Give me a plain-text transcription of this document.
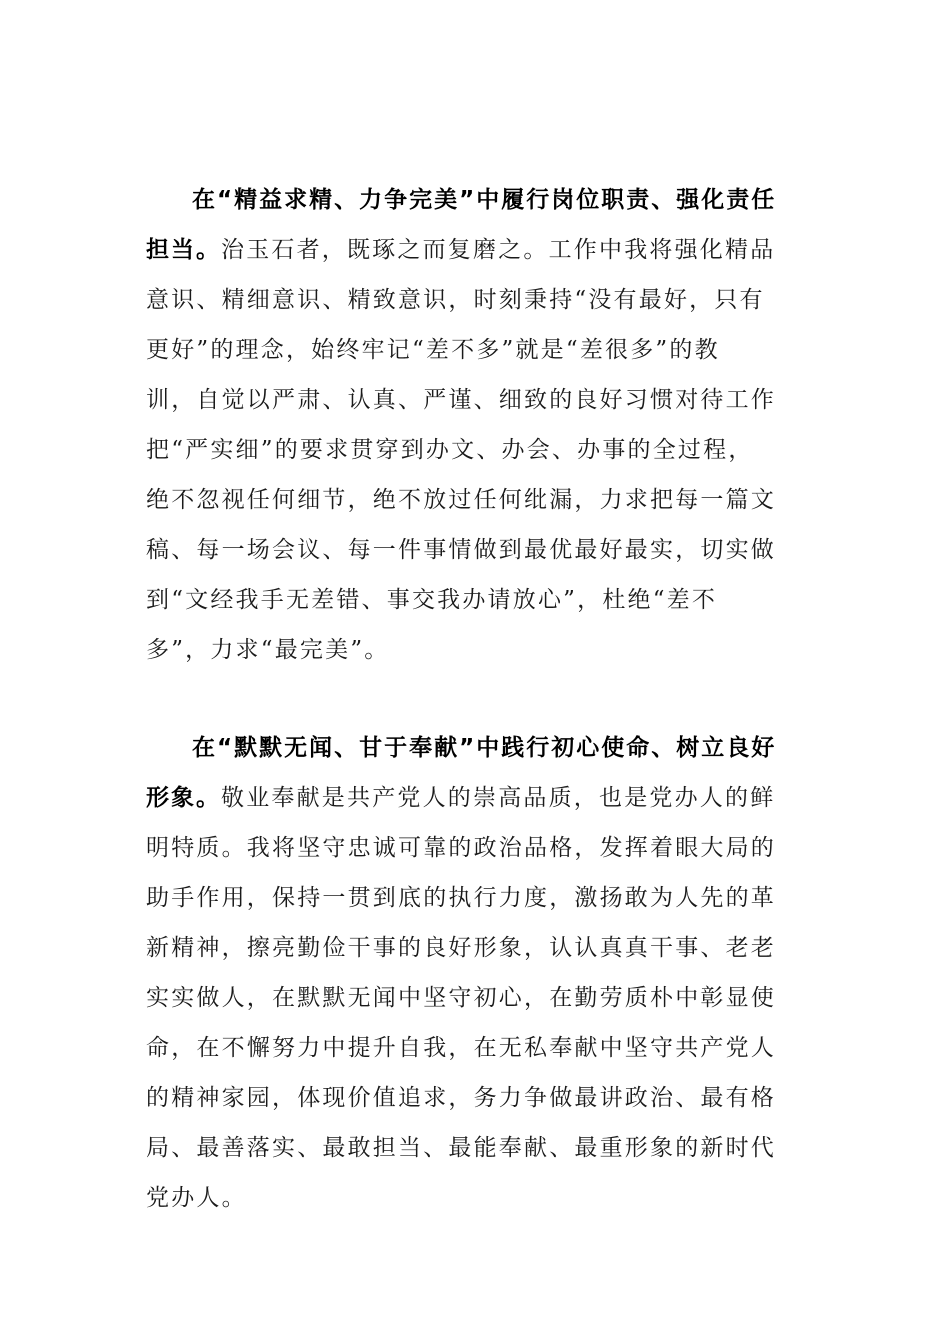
在“精益求精、力争完美”中履行岗位职责、强化责任
担当。治玉石者，既琢之而复磨之。工作中我将强化精品
意识、精细意识、精致意识，时刻秉持“没有最好，只有
更好”的理念，始终牢记“差不多”就是“差很多”的教
训，自觉以严肃、认真、严谨、细致的良好习惯对待工作
把“严实细”的要求贯穿到办文、办会、办事的全过程，
绝不忽视任何细节，绝不放过任何纰漏，力求把每一篇文
稿、每一场会议、每一件事情做到最优最好最实，切实做
到“文经我手无差错、事交我办请放心”，杜绝“差不
多”，力求“最完美”。
在“默默无闻、甘于奉献”中践行初心使命、树立良好
形象。敬业奉献是共产党人的崇高品质，也是党办人的鲜
明特质。我将坚守忠诚可靠的政治品格，发挥着眼大局的
助手作用，保持一贯到底的执行力度，激扬敢为人先的革
新精神，擦亮勤俭干事的良好形象，认认真真干事、老老
实实做人，在默默无闻中坚守初心，在勤劳质朴中彰显使
命，在不懈努力中提升自我，在无私奉献中坚守共产党人
的精神家园，体现价值追求，务力争做最讲政治、最有格
局、最善落实、最敢担当、最能奉献、最重形象的新时代
党办人。
